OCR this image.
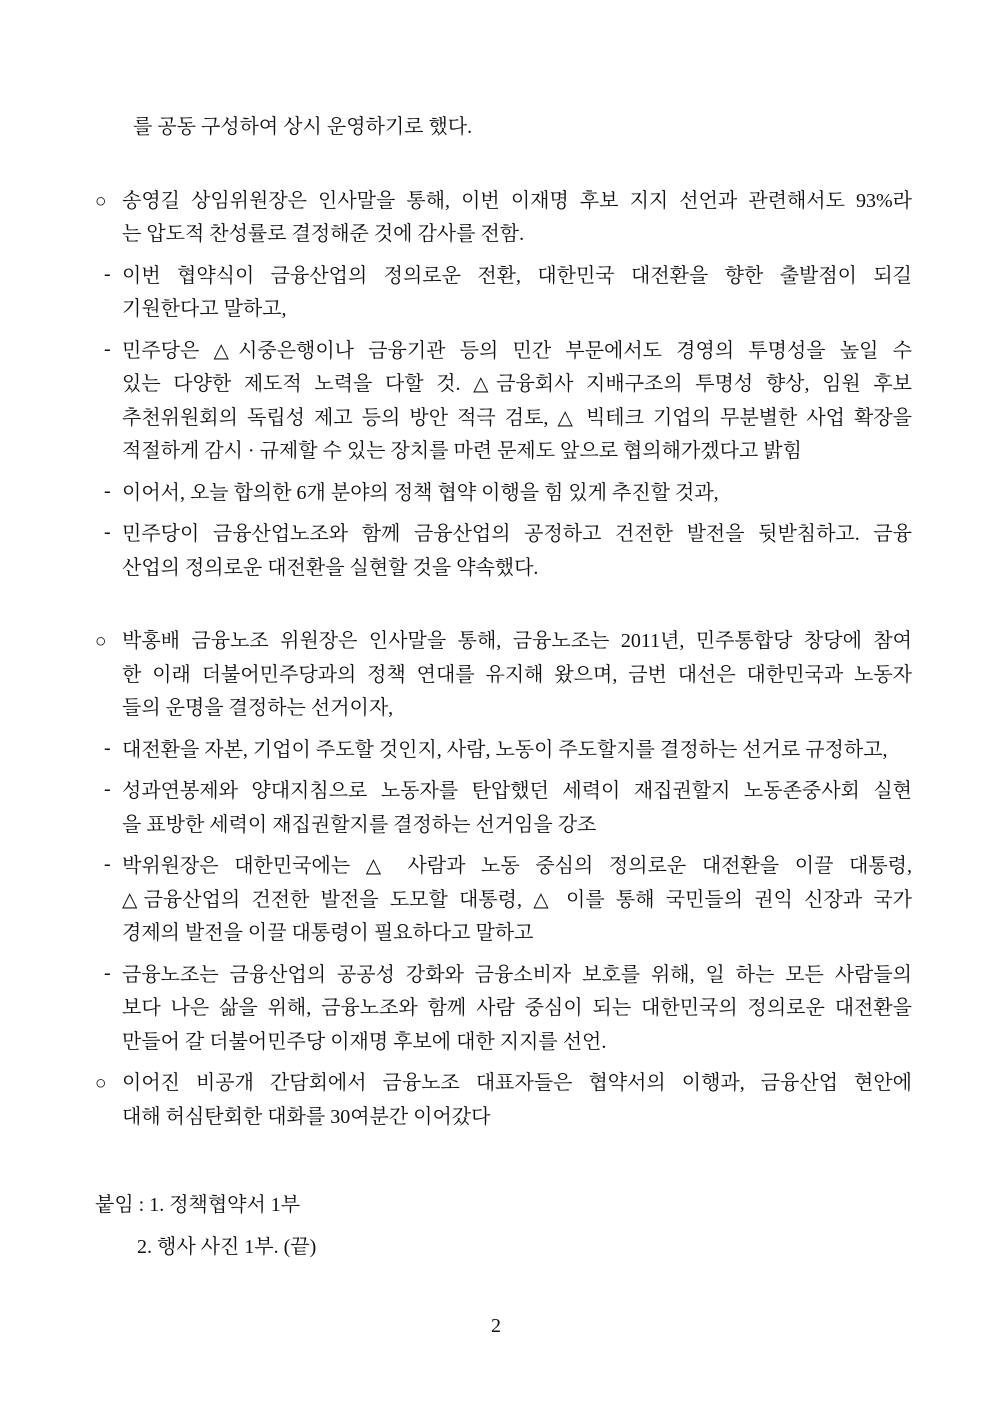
를 공동 구성하여 상시 운영하기로 했다.
○ 송영길 상임위원장은 인사말을 통해, 이번 이재명 후보 지지 선언과 관련해서도 93%라
는 압도적 찬성률로 결정해준 것에 감사를 전함.
- 이번 협약식이 금융산업의 정의로운 전환, 대한민국 대전환을 향한 출발점이 되길
기원한다고 말하고,
- 민주당은 △시중은행이나 금융기관 등의 민간 부문에서도 경영의 투명성을 높일 수
있는 다양한 제도적 노력을 다할 것. △금융회사 지배구조의 투명성 향상, 임원 후보
추천위원회의 독립성 제고 등의 방안 적극 검토, △ 빅테크 기업의 무분별한 사업 확장을
적절하게 감시 · 규제할 수 있는 장치를 마련 문제도 앞으로 협의해가겠다고 밝힘
- 이어서, 오늘 합의한 6개 분야의 정책 협약 이행을 힘 있게 추진할 것과,
- 민주당이 금융산업노조와 함께 금융산업의 공정하고 건전한 발전을 뒷받침하고. 금융
산업의 정의로운 대전환을 실현할 것을 약속했다.
○ 박홍배 금융노조 위원장은 인사말을 통해, 금융노조는 2011년, 민주통합당 창당에 참여
한 이래 더불어민주당과의 정책 연대를 유지해 왔으며, 금번 대선은 대한민국과 노동자
들의 운명을 결정하는 선거이자,
- 대전환을 자본, 기업이 주도할 것인지, 사람, 노동이 주도할지를 결정하는 선거로 규정하고,
- 성과연봉제와 양대지침으로 노동자를 탄압했던 세력이 재집권할지 노동존중사회 실현
을 표방한 세력이 재집권할지를 결정하는 선거임을 강조
- 박위원장은 대한민국에는 △ 사람과 노동 중심의 정의로운 대전환을 이끌 대통령,
△금융산업의 건전한 발전을 도모할 대통령, △ 이를 통해 국민들의 권익 신장과 국가
경제의 발전을 이끌 대통령이 필요하다고 말하고
- 금융노조는 금융산업의 공공성 강화와 금융소비자 보호를 위해, 일 하는 모든 사람들의
보다 나은 삶을 위해, 금융노조와 함께 사람 중심이 되는 대한민국의 정의로운 대전환을
만들어 갈 더불어민주당 이재명 후보에 대한 지지를 선언.
○ 이어진 비공개 간담회에서 금융노조 대표자들은 협약서의 이행과, 금융산업 현안에
대해 허심탄회한 대화를 30여분간 이어갔다
붙임 : 1. 정책협약서 1부
2. 행사 사진 1부. (끝)
2
